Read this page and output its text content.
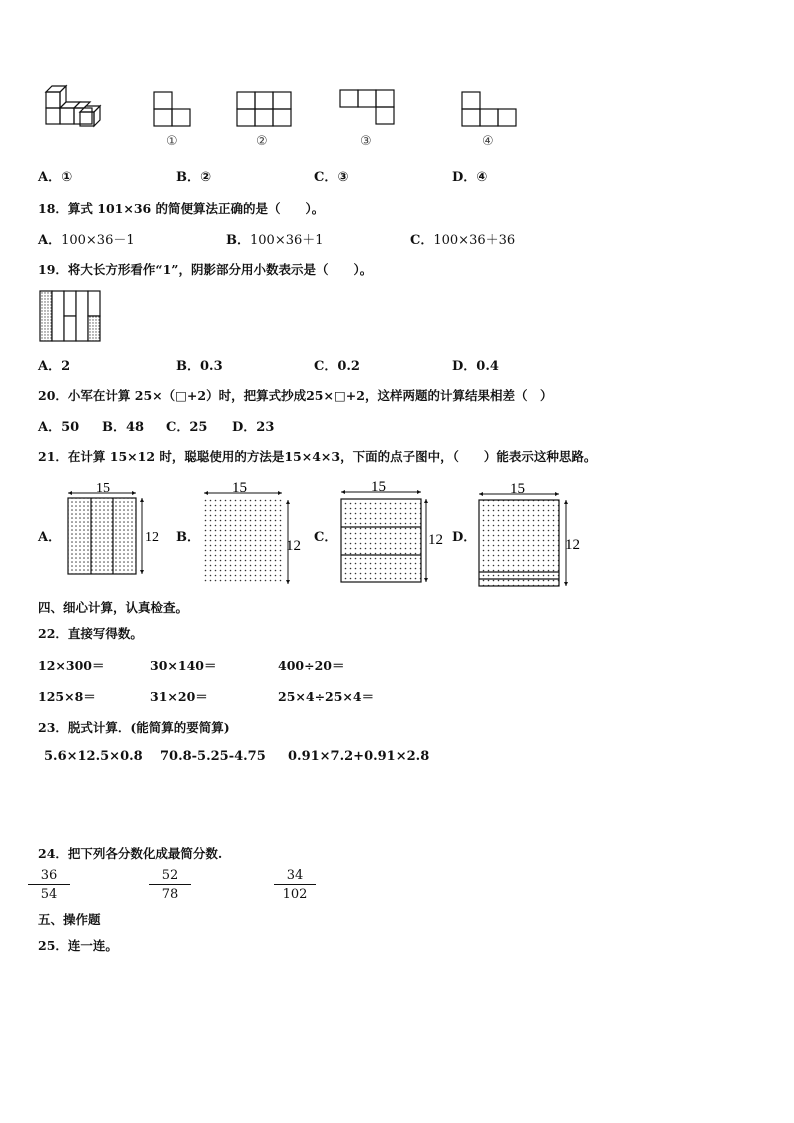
①	②	③	④
A．①	B．②	C．③	D．④
18．算式 101×36 的简便算法正确的是（　　）。
A．100×36－1	B．100×36＋1	C．100×36＋36
19．将大长方形看作“1”，阴影部分用小数表示是（　　）。
A．2	B．0.3	C．0.2	D．0.4
20．小军在计算 25×（□+2）时，把算式抄成25×□+2，这样两题的计算结果相差（　）
A．50 B．48 C．25 D．23
21．在计算 15×12 时，聪聪使用的方法是15×4×3，下面的点子图中，（　　）能表示这种思路。
A．	B．	C．	D．
15
12
15
12
15
12
15
12
四、细心计算，认真检查。
22．直接写得数。
12×300＝	30×140＝	400÷20＝
125×8＝	31×20＝	25×4÷25×4＝
23．脱式计算．(能简算的要简算)
5.6×12.5×0.8 70.8-5.25-4.75 0.91×7.2+0.91×2.8
24．把下列各分数化成最简分数.
$\frac{36}{54}$	$\frac{52}{78}$	$\frac{34}{102}$
五、操作题
25．连一连。
